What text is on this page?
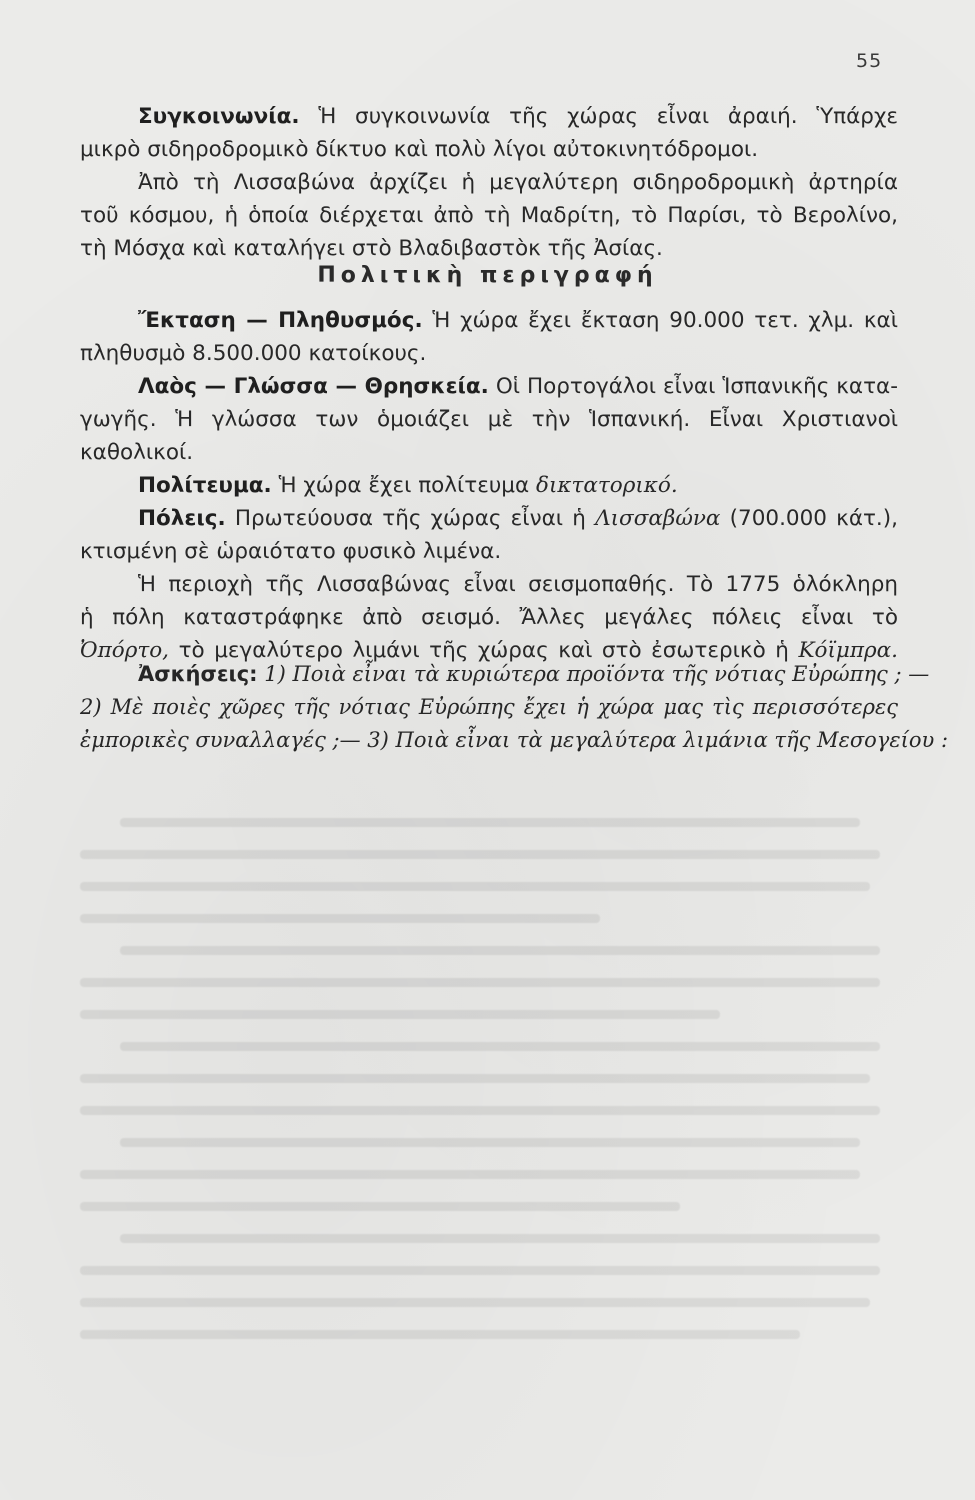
55
Συγκοινωνία. Ἡ συγκοινωνία τῆς χώρας εἶναι ἀραιή. Ὑπάρχε
μικρὸ σιδηροδρομικὸ δίκτυο καὶ πολὺ λίγοι αὐτοκινητόδρομοι.
Ἀπὸ τὴ Λισσαβώνα ἀρχίζει ἡ μεγαλύτερη σιδηροδρομικὴ ἀρτηρία
τοῦ κόσμου, ἡ ὁποία διέρχεται ἀπὸ τὴ Μαδρίτη, τὸ Παρίσι, τὸ Βερολίνο,
τὴ Μόσχα καὶ καταλήγει στὸ Βλαδιβαστὸκ τῆς Ἀσίας.
Πολιτικὴ περιγραφή
Ἔκταση — Πληθυσμός. Ἡ χώρα ἔχει ἔκταση 90.000 τετ. χλμ. καὶ
πληθυσμὸ 8.500.000 κατοίκους.
Λαὸς — Γλώσσα — Θρησκεία. Οἱ Πορτογάλοι εἶναι Ἱσπανικῆς κατα-
γωγῆς. Ἡ γλώσσα των ὁμοιάζει μὲ τὴν Ἱσπανική. Εἶναι Χριστιανοὶ
καθολικοί.
Πολίτευμα. Ἡ χώρα ἔχει πολίτευμα δικτατορικό.
Πόλεις. Πρωτεύουσα τῆς χώρας εἶναι ἡ Λισσαβώνα (700.000 κάτ.),
κτισμένη σὲ ὡραιότατο φυσικὸ λιμένα.
Ἡ περιοχὴ τῆς Λισσαβώνας εἶναι σεισμοπαθής. Τὸ 1775 ὁλόκληρη
ἡ πόλη καταστράφηκε ἀπὸ σεισμό. Ἄλλες μεγάλες πόλεις εἶναι τὸ
Ὀπόρτο, τὸ μεγαλύτερο λιμάνι τῆς χώρας καὶ στὸ ἐσωτερικὸ ἡ Κόϊμπρα.
Ἀσκήσεις: 1) Ποιὰ εἶναι τὰ κυριώτερα προϊόντα τῆς νότιας Εὐρώπης ; —
2) Μὲ ποιὲς χῶρες τῆς νότιας Εὐρώπης ἔχει ἡ χώρα μας τὶς περισσότερες
ἐμπορικὲς συναλλαγές ;— 3) Ποιὰ εἶναι τὰ μεγαλύτερα λιμάνια τῆς Μεσογείου :
